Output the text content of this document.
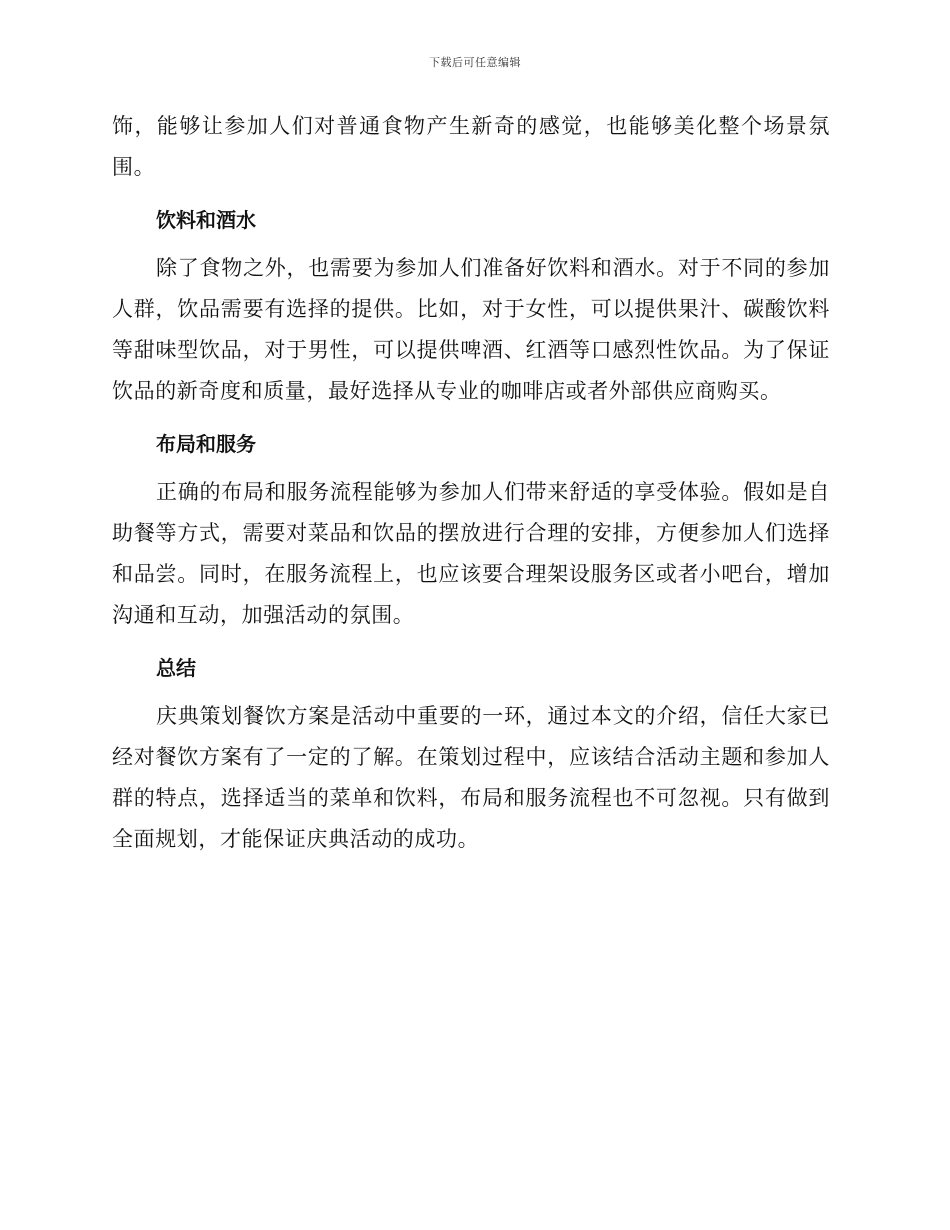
下载后可任意编辑

饰，能够让参加人们对普通食物产生新奇的感觉，也能够美化整个场景氛围。

饮料和酒水

除了食物之外，也需要为参加人们准备好饮料和酒水。对于不同的参加人群，饮品需要有选择的提供。比如，对于女性，可以提供果汁、碳酸饮料等甜味型饮品，对于男性，可以提供啤酒、红酒等口感烈性饮品。为了保证饮品的新奇度和质量，最好选择从专业的咖啡店或者外部供应商购买。

布局和服务

正确的布局和服务流程能够为参加人们带来舒适的享受体验。假如是自助餐等方式，需要对菜品和饮品的摆放进行合理的安排，方便参加人们选择和品尝。同时，在服务流程上，也应该要合理架设服务区或者小吧台，增加沟通和互动，加强活动的氛围。

总结

庆典策划餐饮方案是活动中重要的一环，通过本文的介绍，信任大家已经对餐饮方案有了一定的了解。在策划过程中，应该结合活动主题和参加人群的特点，选择适当的菜单和饮料，布局和服务流程也不可忽视。只有做到全面规划，才能保证庆典活动的成功。
